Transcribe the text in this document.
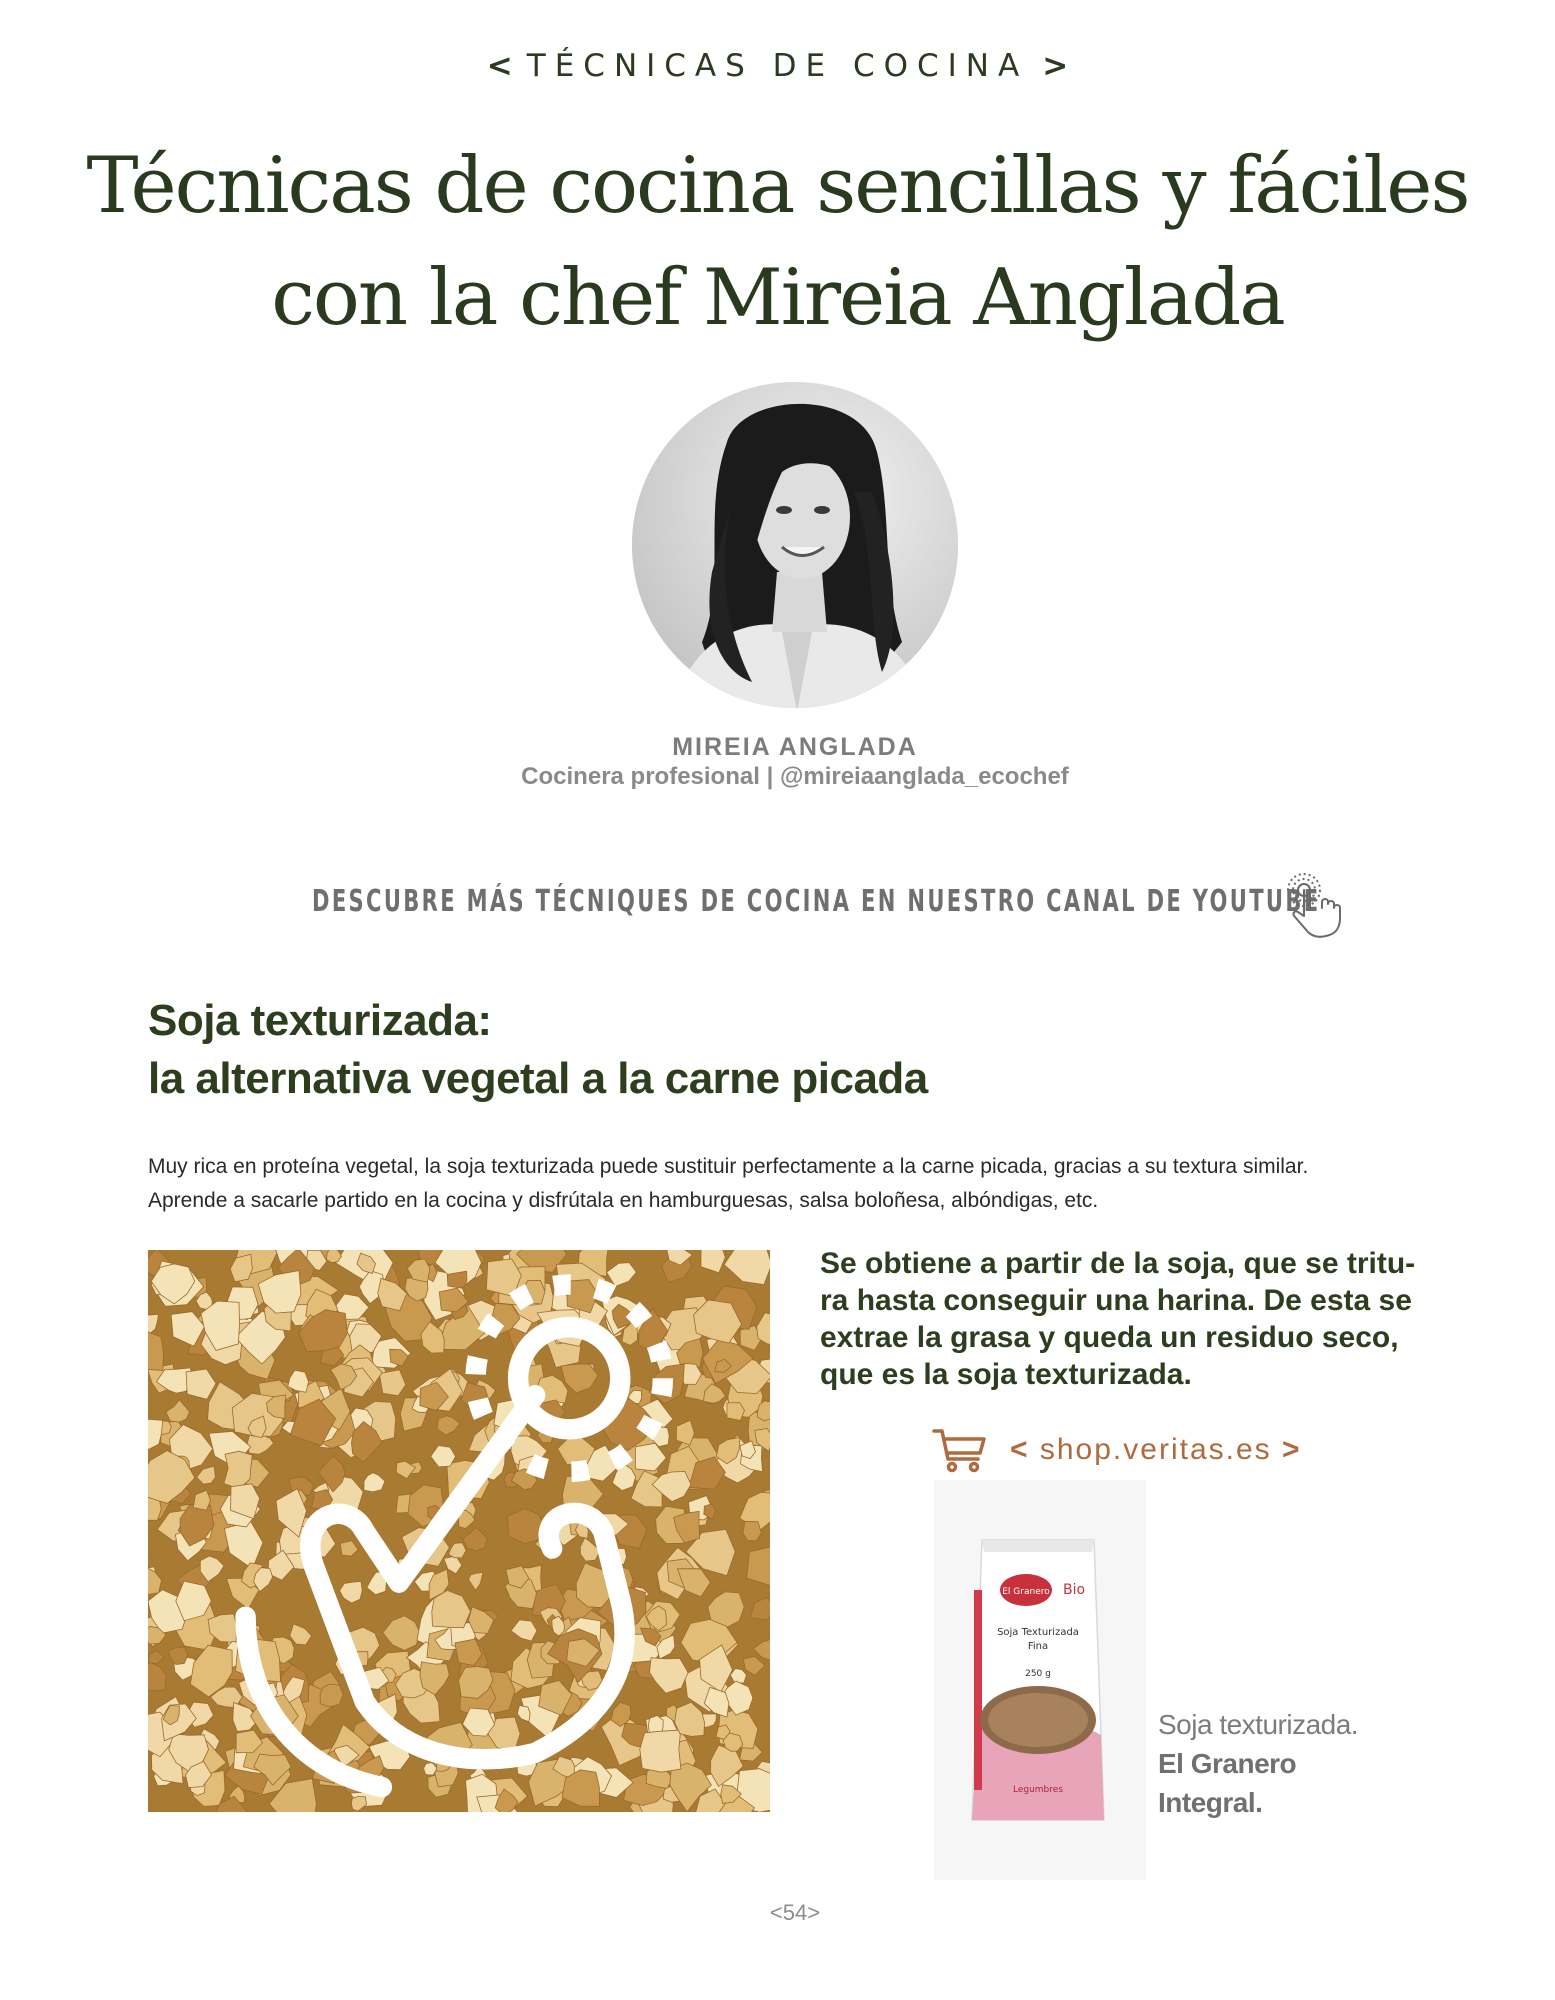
< TÉCNICAS DE COCINA >
Técnicas de cocina sencillas y fáciles
con la chef Mireia Anglada
MIREIA ANGLADA
Cocinera profesional | @mireiaanglada_ecochef
DESCUBRE MÁS TÉCNIQUES DE COCINA EN NUESTRO CANAL DE YOUTUBE
Soja texturizada:
la alternativa vegetal a la carne picada
Muy rica en proteína vegetal, la soja texturizada puede sustituir perfectamente a la carne picada, gracias a su textura similar.
Aprende a sacarle partido en la cocina y disfrútala en hamburguesas, salsa boloñesa, albóndigas, etc.
Se obtiene a partir de la soja, que se tritu-
ra hasta conseguir una harina. De esta se
extrae la grasa y queda un residuo seco,
que es la soja texturizada.
< shop.veritas.es >
El Granero Bio
Soja Texturizada
Fina
250 g
Legumbres
Soja texturizada.
El Granero
Integral.
<54>
